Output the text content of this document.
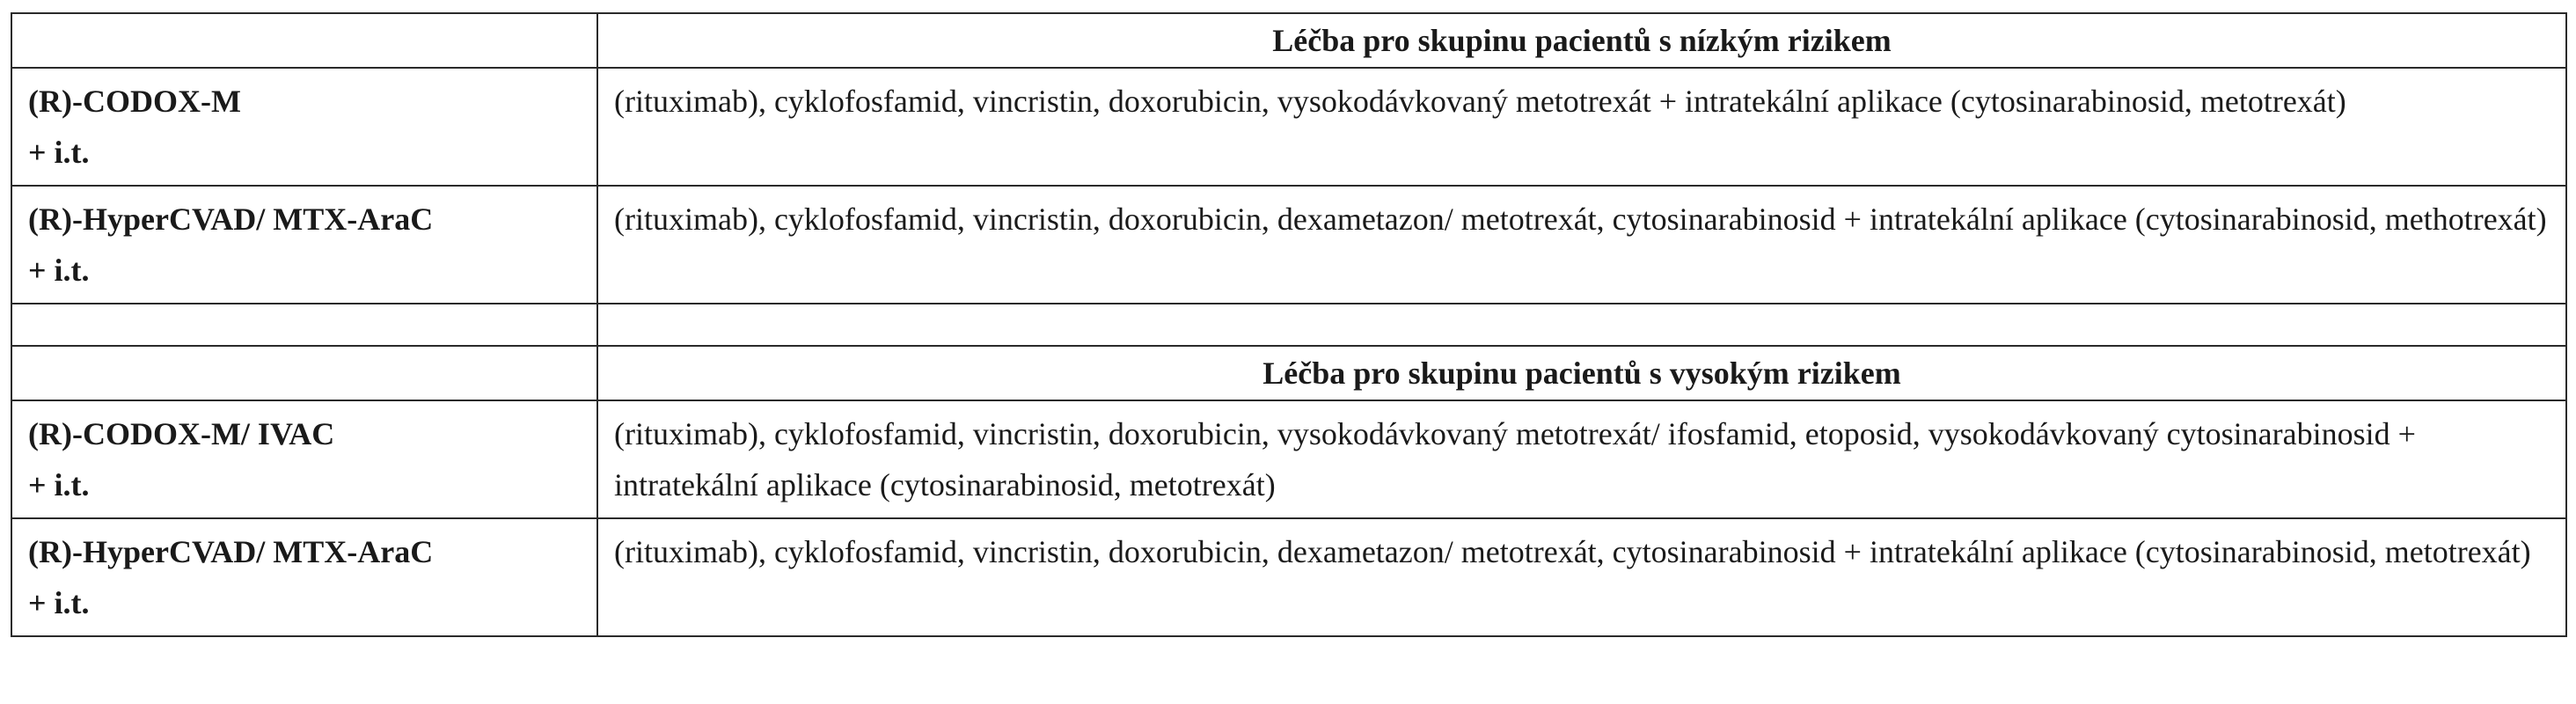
	Léčba pro skupinu pacientů s nízkým rizikem

(R)-CODOX-M
+ i.t.	(rituximab), cyklofosfamid, vincristin, doxorubicin, vysokodávkovaný metotrexát + intratekální aplikace (cytosinarabinosid, metotrexát)

(R)-HyperCVAD/ MTX-AraC
+ i.t.	(rituximab), cyklofosfamid, vincristin, doxorubicin, dexametazon/ metotrexát, cytosinarabinosid + intratekální aplikace (cytosinarabinosid, methotrexát)

	Léčba pro skupinu pacientů s vysokým rizikem

(R)-CODOX-M/ IVAC
+ i.t.	(rituximab), cyklofosfamid, vincristin, doxorubicin, vysokodávkovaný metotrexát/ ifosfamid, etoposid, vysokodávkovaný cytosinarabinosid + intratekální aplikace (cytosinarabinosid, metotrexát)

(R)-HyperCVAD/ MTX-AraC
+ i.t.	(rituximab), cyklofosfamid, vincristin, doxorubicin, dexametazon/ metotrexát, cytosinarabinosid + intratekální aplikace (cytosinarabinosid, metotrexát)
